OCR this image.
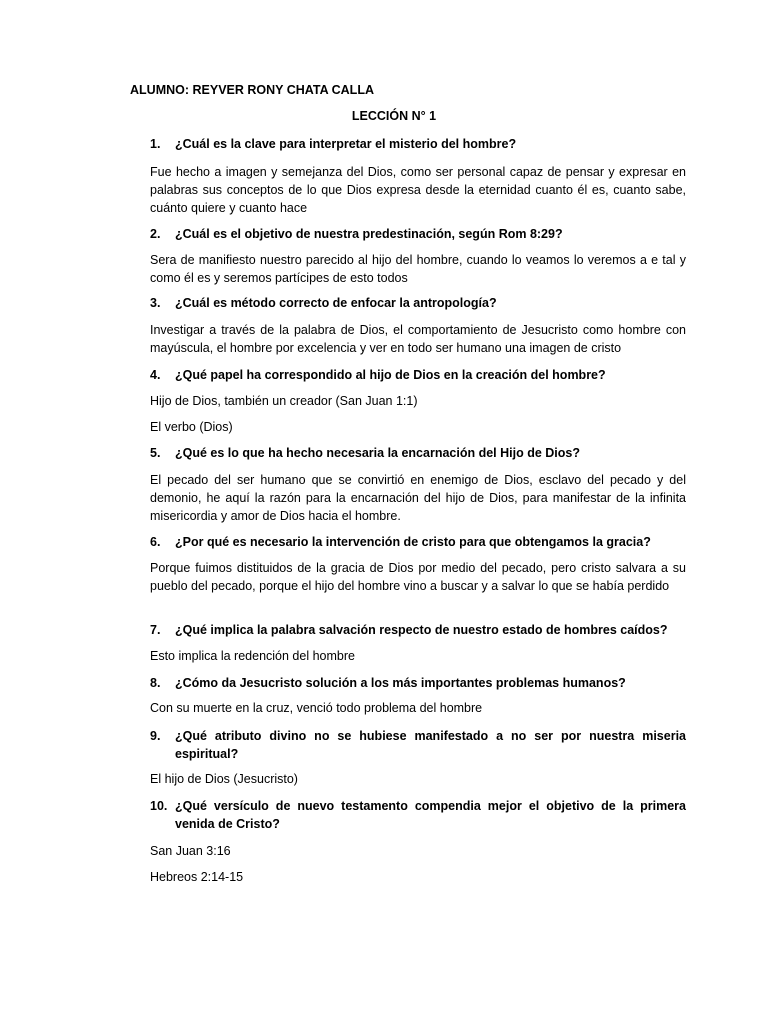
ALUMNO: REYVER RONY CHATA CALLA

LECCIÓN N° 1

1.	¿Cuál es la clave para interpretar el misterio del hombre?

Fue hecho a imagen y semejanza del Dios, como ser personal capaz de pensar y expresar en palabras sus conceptos de lo que Dios expresa desde la eternidad cuanto él es, cuanto sabe, cuánto quiere y cuanto hace

2.	¿Cuál es el objetivo de nuestra predestinación, según Rom 8:29?

Sera de manifiesto nuestro parecido al hijo del hombre, cuando lo veamos lo veremos a e tal y como él es y seremos partícipes de esto todos

3.	¿Cuál es método correcto de enfocar la antropología?

Investigar a través de la palabra de Dios, el comportamiento de Jesucristo como hombre con mayúscula, el hombre por excelencia y ver en todo ser humano una imagen de cristo

4.	¿Qué papel ha correspondido al hijo de Dios en la creación del hombre?

Hijo de Dios, también un creador (San Juan 1:1)

El verbo (Dios)

5.	¿Qué es lo que ha hecho necesaria la encarnación del Hijo de Dios?

El pecado del ser humano que se convirtió en enemigo de Dios, esclavo del pecado y del demonio, he aquí la razón para la encarnación del hijo de Dios, para manifestar de la infinita misericordia y amor de Dios hacia el hombre.

6.	¿Por qué es necesario la intervención de cristo para que obtengamos la gracia?

Porque fuimos distituidos de la gracia de Dios por medio del pecado, pero cristo salvara a su pueblo del pecado, porque el hijo del hombre vino a buscar y a salvar lo que se había perdido

7.	¿Qué implica la palabra salvación respecto de nuestro estado de hombres caídos?

Esto implica la redención del hombre

8.	¿Cómo da Jesucristo solución a los más importantes problemas humanos?

Con su muerte en la cruz, venció todo problema del hombre

9.	¿Qué atributo divino no se hubiese manifestado a no ser por nuestra miseria espiritual?

El hijo de Dios (Jesucristo)

10. ¿Qué versículo de nuevo testamento compendia mejor el objetivo de la primera venida de Cristo?

San Juan 3:16

Hebreos 2:14-15
